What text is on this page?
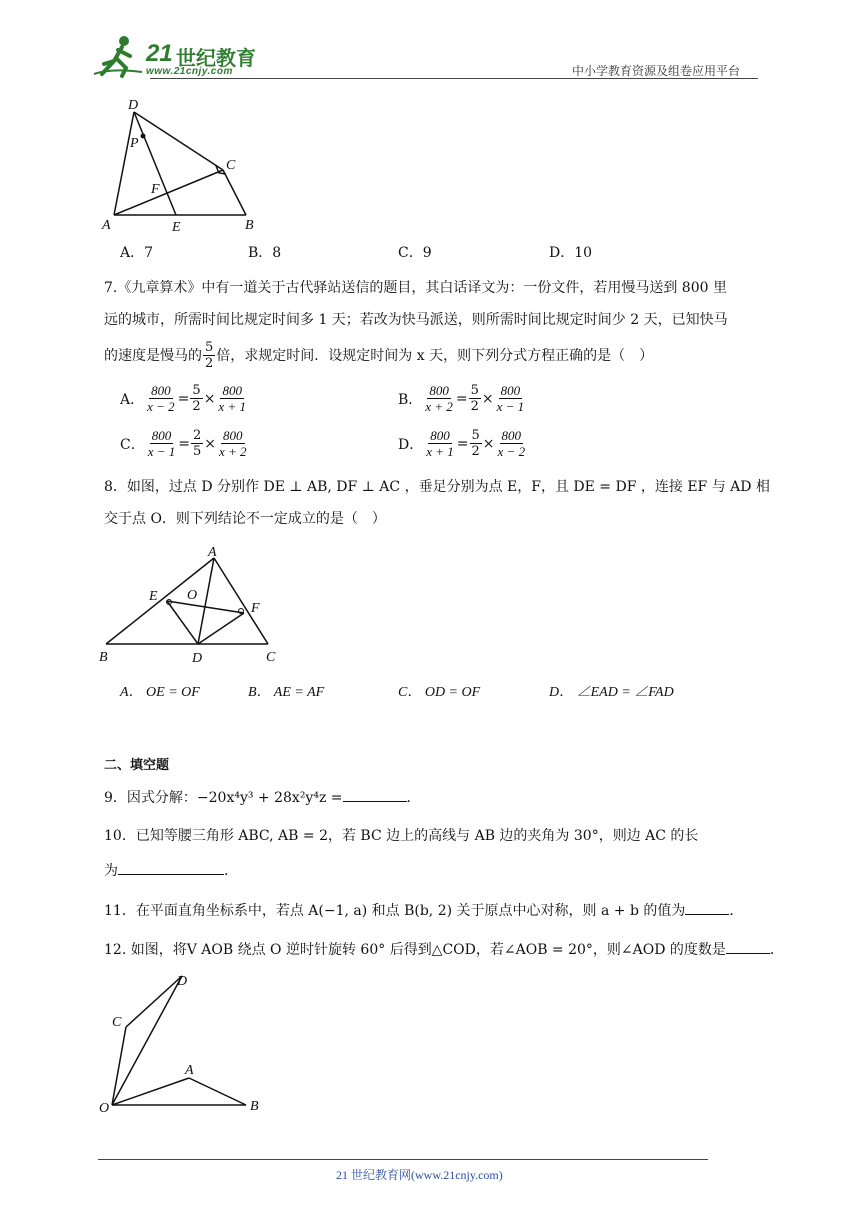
21 世纪教育
www.21cnjy.com	中小学教育资源及组卷应用平台
D
P
C
F
A	E	B
A．7	B．8	C．9	D．10
7.《九章算术》中有一道关于古代驿站送信的题目，其白话译文为：一份文件，若用慢马送到 800 里
远的城市，所需时间比规定时间多 1 天；若改为快马派送，则所需时间比规定时间少 2 天，已知快马
的速度是慢马的 $\frac{5}{2}$ 倍，求规定时间．设规定时间为 x 天，则下列分式方程正确的是（　）
A． $\frac{800}{x - 2} = \frac{5}{2} \times \frac{800}{x + 1}$	B． $\frac{800}{x + 2} = \frac{5}{2} \times \frac{800}{x - 1}$
C． $\frac{800}{x - 1} = \frac{2}{5} \times \frac{800}{x + 2}$	D． $\frac{800}{x + 1} = \frac{5}{2} \times \frac{800}{x - 2}$
8．如图，过点 D 分别作 DE ⊥ AB, DF ⊥ AC ，垂足分别为点 E，F，且 DE = DF ，连接 EF 与 AD 相
交于点 O．则下列结论不一定成立的是（　）
A
E O
F
B	D	C
A． OE = OF	B． AE = AF	C． OD = OF	D． ∠EAD = ∠FAD
二、填空题
9．因式分解：−20x⁴y³ + 28x²y⁴z =	．
10．已知等腰三角形 ABC, AB = 2，若 BC 边上的高线与 AB 边的夹角为 30°，则边 AC 的长
为	．
11．在平面直角坐标系中，若点 A(−1, a) 和点 B(b, 2) 关于原点中心对称，则 a + b 的值为	．
12. 如图，将V AOB 绕点 O 逆时针旋转 60° 后得到△COD，若∠AOB = 20°，则∠AOD 的度数是	．
D
C
A
O	B
21 世纪教育网(www.21cnjy.com)
